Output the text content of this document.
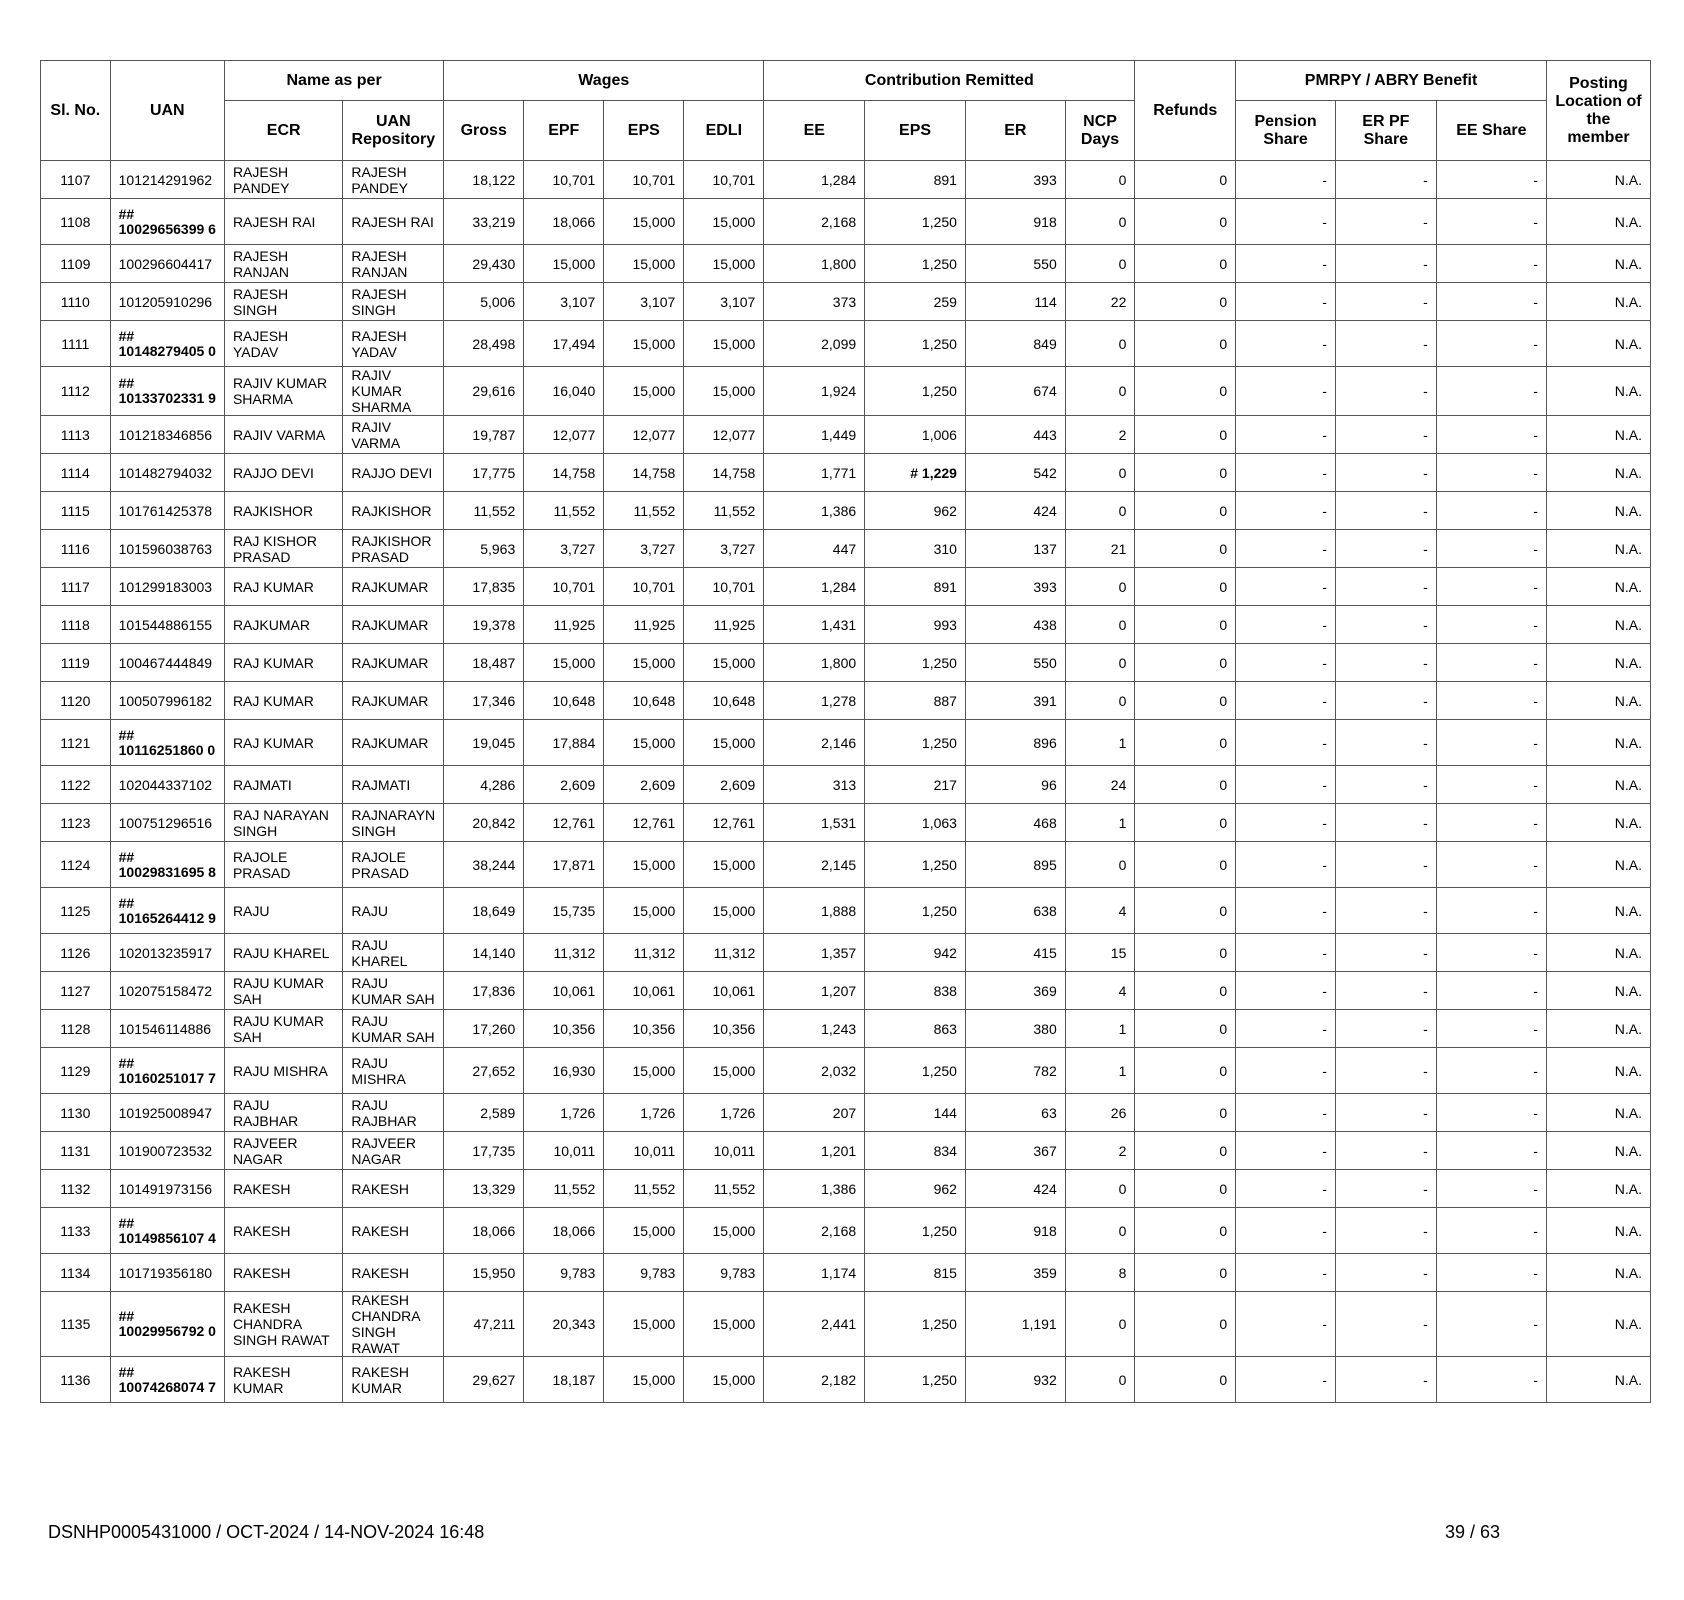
Sl. No.	UAN	Name as per		Wages				Contribution Remitted				Refunds	PMRPY / ABRY Benefit			Posting Location of the member
		ECR	UAN Repository	Gross	EPF	EPS	EDLI	EE	EPS	ER	NCP Days		Pension Share	ER PF Share	EE Share	
1107	101214291962	RAJESH PANDEY	RAJESH PANDEY	18,122	10,701	10,701	10,701	1,284	891	393	0	0	-	-	-	N.A.
1108	## 10029656399 6	RAJESH RAI	RAJESH RAI	33,219	18,066	15,000	15,000	2,168	1,250	918	0	0	-	-	-	N.A.
1109	100296604417	RAJESH RANJAN	RAJESH RANJAN	29,430	15,000	15,000	15,000	1,800	1,250	550	0	0	-	-	-	N.A.
1110	101205910296	RAJESH SINGH	RAJESH SINGH	5,006	3,107	3,107	3,107	373	259	114	22	0	-	-	-	N.A.
1111	## 10148279405 0	RAJESH YADAV	RAJESH YADAV	28,498	17,494	15,000	15,000	2,099	1,250	849	0	0	-	-	-	N.A.
1112	## 10133702331 9	RAJIV KUMAR SHARMA	RAJIV KUMAR SHARMA	29,616	16,040	15,000	15,000	1,924	1,250	674	0	0	-	-	-	N.A.
1113	101218346856	RAJIV VARMA	RAJIV VARMA	19,787	12,077	12,077	12,077	1,449	1,006	443	2	0	-	-	-	N.A.
1114	101482794032	RAJJO DEVI	RAJJO DEVI	17,775	14,758	14,758	14,758	1,771	# 1,229	542	0	0	-	-	-	N.A.
1115	101761425378	RAJKISHOR	RAJKISHOR	11,552	11,552	11,552	11,552	1,386	962	424	0	0	-	-	-	N.A.
1116	101596038763	RAJ KISHOR PRASAD	RAJKISHOR PRASAD	5,963	3,727	3,727	3,727	447	310	137	21	0	-	-	-	N.A.
1117	101299183003	RAJ KUMAR	RAJKUMAR	17,835	10,701	10,701	10,701	1,284	891	393	0	0	-	-	-	N.A.
1118	101544886155	RAJKUMAR	RAJKUMAR	19,378	11,925	11,925	11,925	1,431	993	438	0	0	-	-	-	N.A.
1119	100467444849	RAJ KUMAR	RAJKUMAR	18,487	15,000	15,000	15,000	1,800	1,250	550	0	0	-	-	-	N.A.
1120	100507996182	RAJ KUMAR	RAJKUMAR	17,346	10,648	10,648	10,648	1,278	887	391	0	0	-	-	-	N.A.
1121	## 10116251860 0	RAJ KUMAR	RAJKUMAR	19,045	17,884	15,000	15,000	2,146	1,250	896	1	0	-	-	-	N.A.
1122	102044337102	RAJMATI	RAJMATI	4,286	2,609	2,609	2,609	313	217	96	24	0	-	-	-	N.A.
1123	100751296516	RAJ NARAYAN SINGH	RAJNARAYN SINGH	20,842	12,761	12,761	12,761	1,531	1,063	468	1	0	-	-	-	N.A.
1124	## 10029831695 8	RAJOLE PRASAD	RAJOLE PRASAD	38,244	17,871	15,000	15,000	2,145	1,250	895	0	0	-	-	-	N.A.
1125	## 10165264412 9	RAJU	RAJU	18,649	15,735	15,000	15,000	1,888	1,250	638	4	0	-	-	-	N.A.
1126	102013235917	RAJU KHAREL	RAJU KHAREL	14,140	11,312	11,312	11,312	1,357	942	415	15	0	-	-	-	N.A.
1127	102075158472	RAJU KUMAR SAH	RAJU KUMAR SAH	17,836	10,061	10,061	10,061	1,207	838	369	4	0	-	-	-	N.A.
1128	101546114886	RAJU KUMAR SAH	RAJU KUMAR SAH	17,260	10,356	10,356	10,356	1,243	863	380	1	0	-	-	-	N.A.
1129	## 10160251017 7	RAJU MISHRA	RAJU MISHRA	27,652	16,930	15,000	15,000	2,032	1,250	782	1	0	-	-	-	N.A.
1130	101925008947	RAJU RAJBHAR	RAJU RAJBHAR	2,589	1,726	1,726	1,726	207	144	63	26	0	-	-	-	N.A.
1131	101900723532	RAJVEER NAGAR	RAJVEER NAGAR	17,735	10,011	10,011	10,011	1,201	834	367	2	0	-	-	-	N.A.
1132	101491973156	RAKESH	RAKESH	13,329	11,552	11,552	11,552	1,386	962	424	0	0	-	-	-	N.A.
1133	## 10149856107 4	RAKESH	RAKESH	18,066	18,066	15,000	15,000	2,168	1,250	918	0	0	-	-	-	N.A.
1134	101719356180	RAKESH	RAKESH	15,950	9,783	9,783	9,783	1,174	815	359	8	0	-	-	-	N.A.
1135	## 10029956792 0	RAKESH CHANDRA SINGH RAWAT	RAKESH CHANDRA SINGH RAWAT	47,211	20,343	15,000	15,000	2,441	1,250	1,191	0	0	-	-	-	N.A.
1136	## 10074268074 7	RAKESH KUMAR	RAKESH KUMAR	29,627	18,187	15,000	15,000	2,182	1,250	932	0	0	-	-	-	N.A.
DSNHP0005431000 / OCT-2024 / 14-NOV-2024 16:48	39 / 63
